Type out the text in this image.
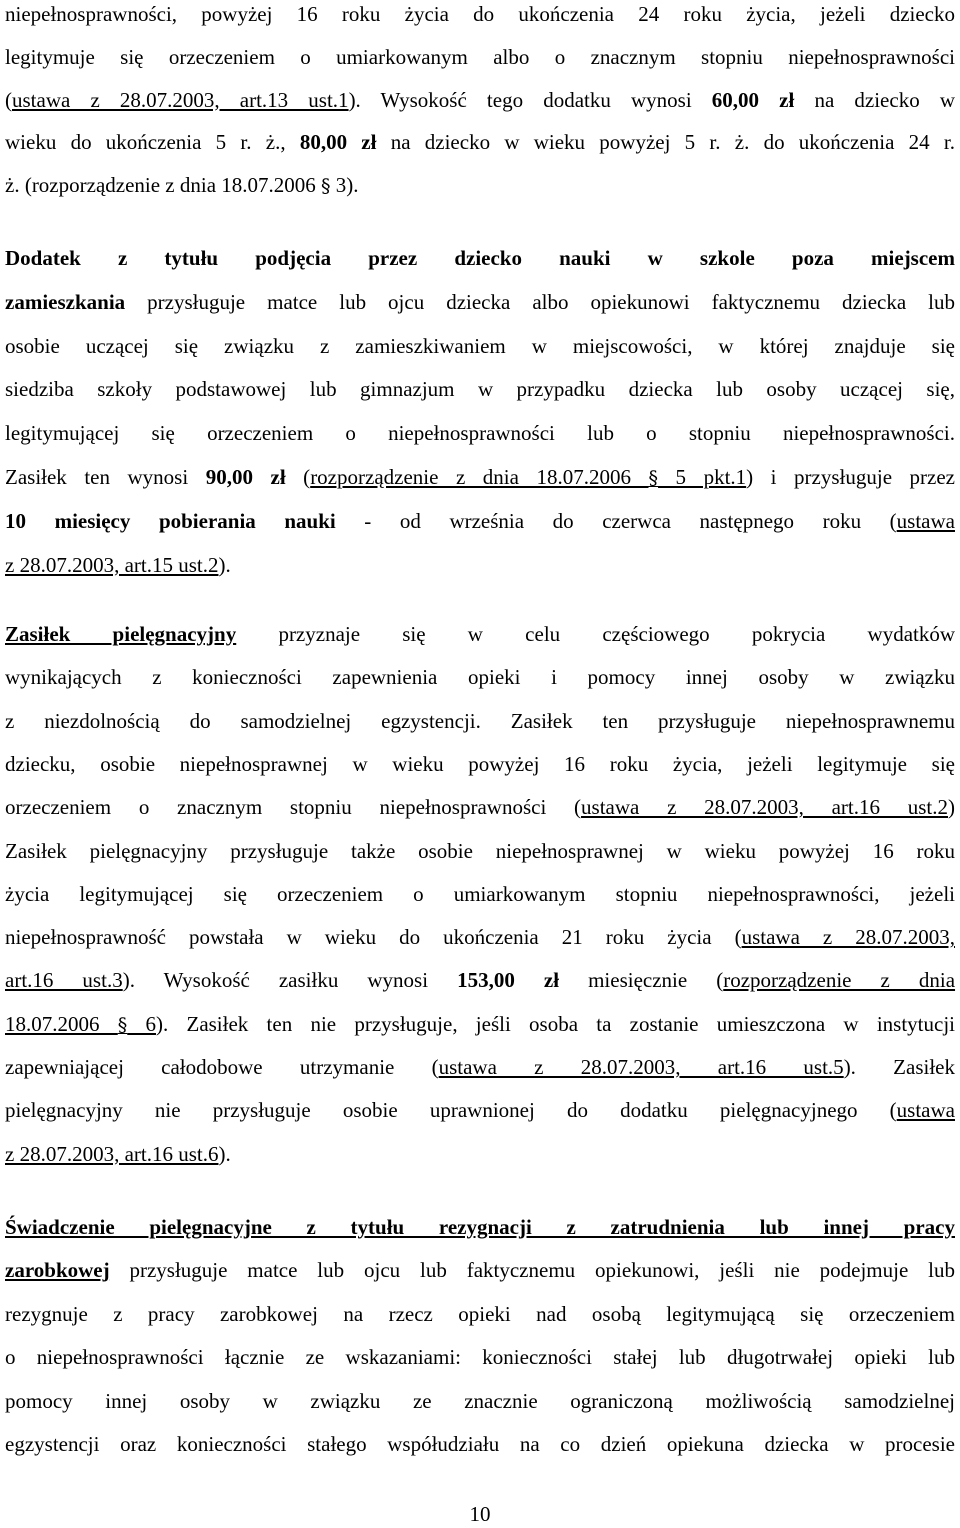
niepełnosprawności, powyżej 16 roku życia do ukończenia 24 roku życia, jeżeli dziecko
legitymuje się orzeczeniem o umiarkowanym albo o znacznym stopniu niepełnosprawności
(ustawa z 28.07.2003, art.13 ust.1). Wysokość tego dodatku wynosi 60,00 zł na dziecko w
wieku do ukończenia 5 r. ż., 80,00 zł na dziecko w wieku powyżej 5 r. ż. do ukończenia 24 r.
ż. (rozporządzenie z dnia 18.07.2006 § 3).
Dodatek z tytułu podjęcia przez dziecko nauki w szkole poza miejscem
zamieszkania przysługuje matce lub ojcu dziecka albo opiekunowi faktycznemu dziecka lub
osobie uczącej się związku z zamieszkiwaniem w miejscowości, w której znajduje się
siedziba szkoły podstawowej lub gimnazjum w przypadku dziecka lub osoby uczącej się,
legitymującej się orzeczeniem o niepełnosprawności lub o stopniu niepełnosprawności.
Zasiłek ten wynosi 90,00 zł (rozporządzenie z dnia 18.07.2006 § 5 pkt.1) i przysługuje przez
10 miesięcy pobierania nauki - od września do czerwca następnego roku (ustawa
z 28.07.2003, art.15 ust.2).
Zasiłek pielęgnacyjny przyznaje się w celu częściowego pokrycia wydatków
wynikających z konieczności zapewnienia opieki i pomocy innej osoby w związku
z niezdolnością do samodzielnej egzystencji. Zasiłek ten przysługuje niepełnosprawnemu
dziecku, osobie niepełnosprawnej w wieku powyżej 16 roku życia, jeżeli legitymuje się
orzeczeniem o znacznym stopniu niepełnosprawności (ustawa z 28.07.2003, art.16 ust.2)
Zasiłek pielęgnacyjny przysługuje także osobie niepełnosprawnej w wieku powyżej 16 roku
życia legitymującej się orzeczeniem o umiarkowanym stopniu niepełnosprawności, jeżeli
niepełnosprawność powstała w wieku do ukończenia 21 roku życia (ustawa z 28.07.2003,
art.16 ust.3). Wysokość zasiłku wynosi 153,00 zł miesięcznie (rozporządzenie z dnia
18.07.2006 § 6). Zasiłek ten nie przysługuje, jeśli osoba ta zostanie umieszczona w instytucji
zapewniającej całodobowe utrzymanie (ustawa z 28.07.2003, art.16 ust.5). Zasiłek
pielęgnacyjny nie przysługuje osobie uprawnionej do dodatku pielęgnacyjnego (ustawa
z 28.07.2003, art.16 ust.6).
Świadczenie pielęgnacyjne z tytułu rezygnacji z zatrudnienia lub innej pracy
zarobkowej przysługuje matce lub ojcu lub faktycznemu opiekunowi, jeśli nie podejmuje lub
rezygnuje z pracy zarobkowej na rzecz opieki nad osobą legitymującą się orzeczeniem
o niepełnosprawności łącznie ze wskazaniami: konieczności stałej lub długotrwałej opieki lub
pomocy innej osoby w związku ze znacznie ograniczoną możliwością samodzielnej
egzystencji oraz konieczności stałego współudziału na co dzień opiekuna dziecka w procesie
10
